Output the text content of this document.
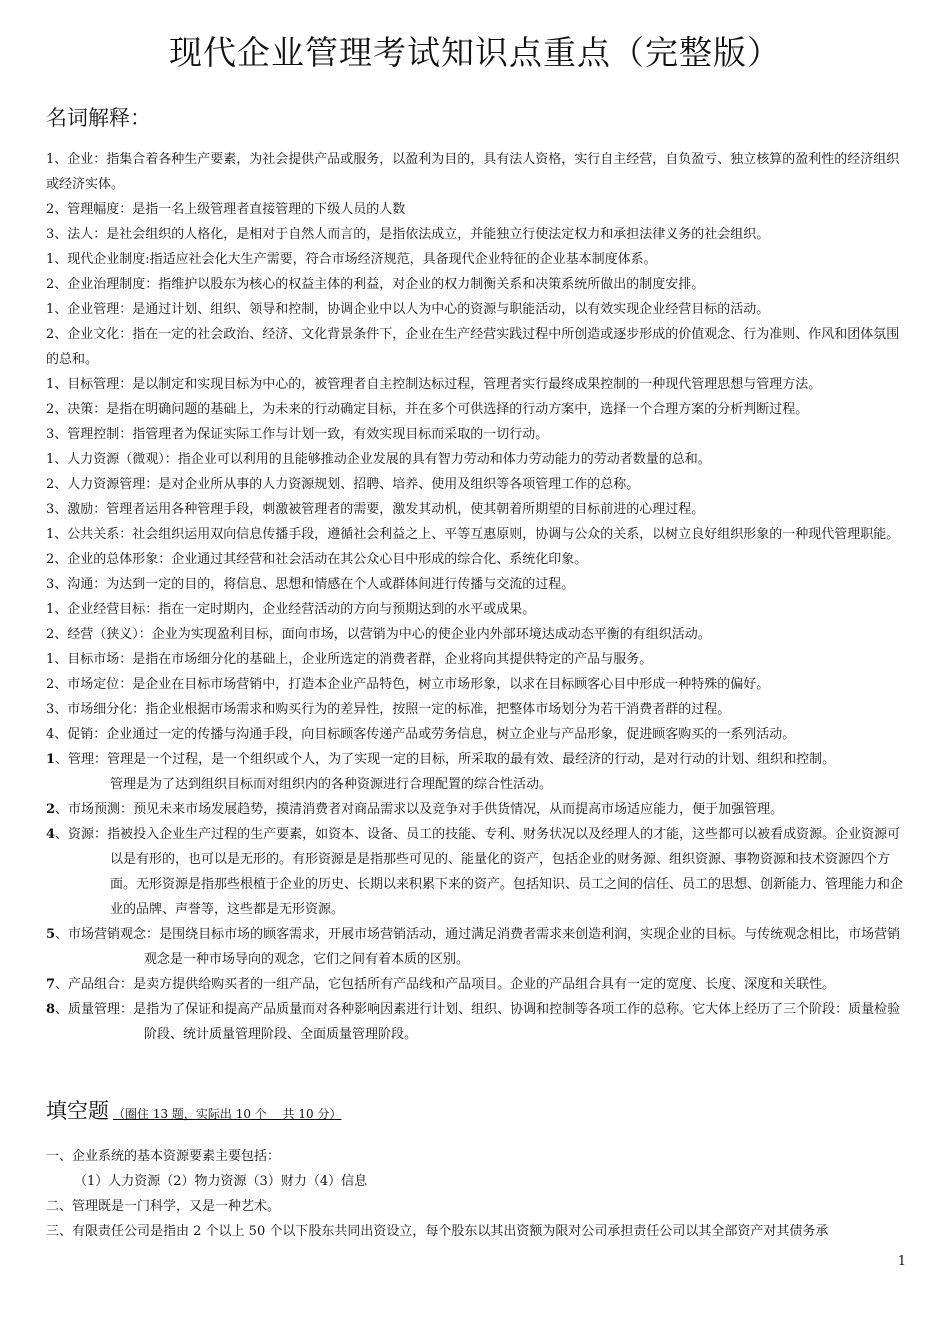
现代企业管理考试知识点重点（完整版）
名词解释：

1、企业：指集合着各种生产要素，为社会提供产品或服务，以盈利为目的，具有法人资格，实行自主经营，自负盈亏、独立核算的盈利性的经济组织或经济实体。

2、管理幅度：是指一名上级管理者直接管理的下级人员的人数

3、法人：是社会组织的人格化，是相对于自然人而言的，是指依法成立，并能独立行使法定权力和承担法律义务的社会组织。

1、现代企业制度:指适应社会化大生产需要，符合市场经济规范，具备现代企业特征的企业基本制度体系。

2、企业治理制度：指维护以股东为核心的权益主体的利益，对企业的权力制衡关系和决策系统所做出的制度安排。

1、企业管理：是通过计划、组织、领导和控制，协调企业中以人为中心的资源与职能活动，以有效实现企业经营目标的活动。

2、企业文化：指在一定的社会政治、经济、文化背景条件下，企业在生产经营实践过程中所创造或逐步形成的价值观念、行为准则、作风和团体氛围的总和。

1、目标管理：是以制定和实现目标为中心的，被管理者自主控制达标过程，管理者实行最终成果控制的一种现代管理思想与管理方法。

2、决策：是指在明确问题的基础上，为未来的行动确定目标，并在多个可供选择的行动方案中，选择一个合理方案的分析判断过程。

3、管理控制：指管理者为保证实际工作与计划一致，有效实现目标而采取的一切行动。

1、人力资源（微观）：指企业可以利用的且能够推动企业发展的具有智力劳动和体力劳动能力的劳动者数量的总和。

2、人力资源管理：是对企业所从事的人力资源规划、招聘、培养、使用及组织等各项管理工作的总称。

3、激励：管理者运用各种管理手段，刺激被管理者的需要，激发其动机，使其朝着所期望的目标前进的心理过程。

1、公共关系：社会组织运用双向信息传播手段，遵循社会利益之上、平等互惠原则，协调与公众的关系，以树立良好组织形象的一种现代管理职能。

2、企业的总体形象：企业通过其经营和社会活动在其公众心目中形成的综合化、系统化印象。

3、沟通：为达到一定的目的，将信息、思想和情感在个人或群体间进行传播与交流的过程。

1、企业经营目标：指在一定时期内，企业经营活动的方向与预期达到的水平或成果。

2、经营（狭义）：企业为实现盈利目标，面向市场，以营销为中心的使企业内外部环境达成动态平衡的有组织活动。

1、目标市场：是指在市场细分化的基础上，企业所选定的消费者群，企业将向其提供特定的产品与服务。

2、市场定位：是企业在目标市场营销中，打造本企业产品特色，树立市场形象，以求在目标顾客心目中形成一种特殊的偏好。

3、市场细分化：指企业根据市场需求和购买行为的差异性，按照一定的标准，把整体市场划分为若干消费者群的过程。

4、促销：企业通过一定的传播与沟通手段，向目标顾客传递产品或劳务信息，树立企业与产品形象，促进顾客购买的一系列活动。

1、管理：管理是一个过程，是一个组织或个人，为了实现一定的目标，所采取的最有效、最经济的行动，是对行动的计划、组织和控制。
管理是为了达到组织目标而对组织内的各种资源进行合理配置的综合性活动。

2、市场预测：预见未来市场发展趋势，摸清消费者对商品需求以及竞争对手供货情况，从而提高市场适应能力，便于加强管理。

4、资源：指被投入企业生产过程的生产要素，如资本、设备、员工的技能、专利、财务状况以及经理人的才能，这些都可以被看成资源。企业资源可以是有形的，也可以是无形的。有形资源是是指那些可见的、能量化的资产，包括企业的财务源、组织资源、事物资源和技术资源四个方面。无形资源是指那些根植于企业的历史、长期以来积累下来的资产。包括知识、员工之间的信任、员工的思想、创新能力、管理能力和企业的品牌、声誉等，这些都是无形资源。

5、市场营销观念：是围绕目标市场的顾客需求，开展市场营销活动，通过满足消费者需求来创造利润，实现企业的目标。与传统观念相比，市场营销观念是一种市场导向的观念，它们之间有着本质的区别。

7、产品组合：是卖方提供给购买者的一组产品，它包括所有产品线和产品项目。企业的产品组合具有一定的宽度、长度、深度和关联性。

8、质量管理：是指为了保证和提高产品质量而对各种影响因素进行计划、组织、协调和控制等各项工作的总称。它大体上经历了三个阶段：质量检验阶段、统计质量管理阶段、全面质量管理阶段。

填空题 （圈住 13 题，实际出 10 个　 共 10 分）

一、企业系统的基本资源要素主要包括：

（1）人力资源（2）物力资源（3）财力（4）信息

二、管理既是一门科学，又是一种艺术。

三、有限责任公司是指由 2 个以上 50 个以下股东共同出资设立，每个股东以其出资额为限对公司承担责任公司以其全部资产对其债务承

1
